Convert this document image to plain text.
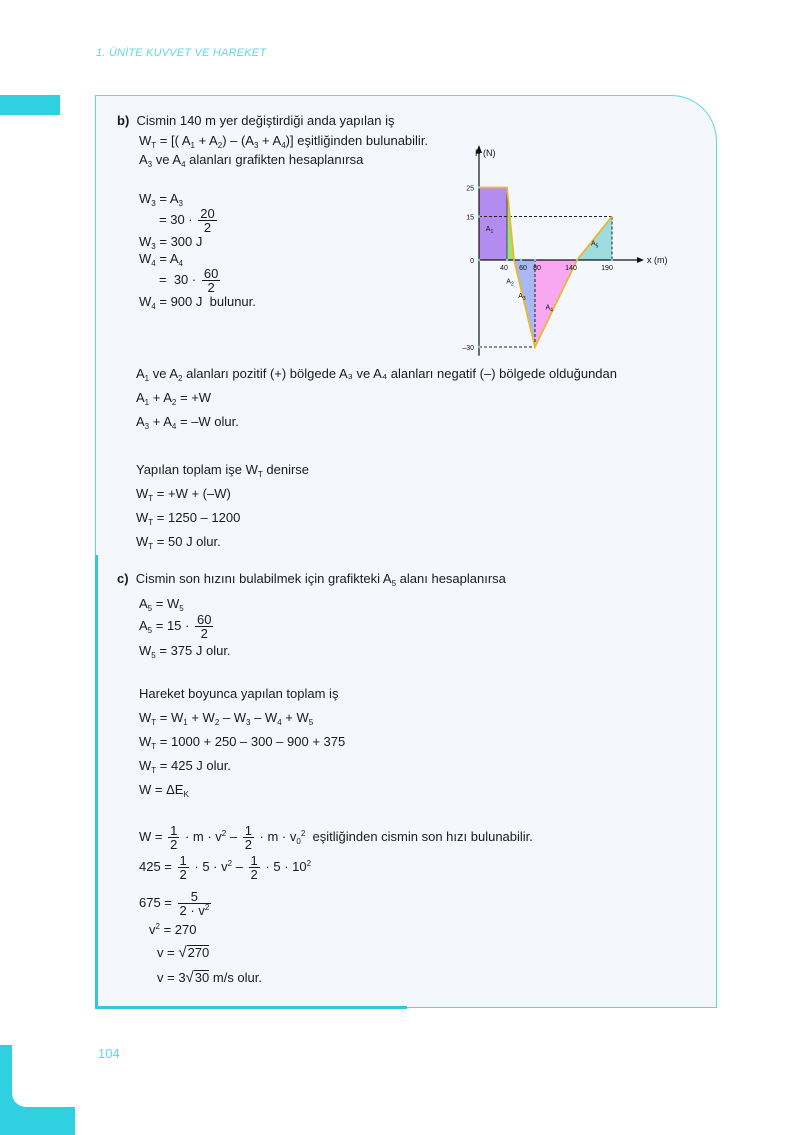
1. ÜNİTE KUVVET VE HAREKET
104
b) Cismin 140 m yer değiştirdiği anda yapılan iş
$W_T$ = [( $A_1 + A_2) - (A_3 + A_4)$] eşitliğinden bulunabilir.
$A_3$ ve $A_4$ alanları grafikten hesaplanırsa
$W_3 = A_3$
= $30 \cdot \frac{20}{2}$
$W_3 = 300$ J
$W_4 = A_4$
=  $30 \cdot \frac{60}{2}$
$W_4 = 900$ J bulunur.
F (N)
x (m)
25
15
0
–30
40 60 80	140	190
$A_1$
$A_2$
$A_3$
$A_4$
$A_5$
$A_1$ ve $A_2$ alanları pozitif (+) bölgede A₃ ve A₄ alanları negatif (–) bölgede olduğundan
$A_1 + A_2 = +W$
$A_3 + A_4 = -W$ olur.
Yapılan toplam işe $W_T$ denirse
$W_T = +W + (-W)$
$W_T = 1250 - 1200$
$W_T = 50$ J olur.
c) Cismin son hızını bulabilmek için grafikteki $A_5$ alanı hesaplanırsa
$A_5 = W_5$
$A_5 = 15 \cdot \frac{60}{2}$
$W_5 = 375$ J olur.
Hareket boyunca yapılan toplam iş
$W_T = W_1 + W_2 - W_3 - W_4 + W_5$
$W_T = 1000 + 250 - 300 - 900 + 375$
$W_T = 425$ J olur.
$W = \Delta E_K$
$W = \frac{1}{2} \cdot m \cdot v^2 - \frac{1}{2} \cdot m \cdot v_0^2$ eşitliğinden cismin son hızı bulunabilir.
$425 = \frac{1}{2} \cdot 5 \cdot v^2 - \frac{1}{2} \cdot 5 \cdot 10^2$
$675 = \frac{5}{2 \cdot v^2}$
$v^2 = 270$
v = √270
v = 3√30 m/s olur.
